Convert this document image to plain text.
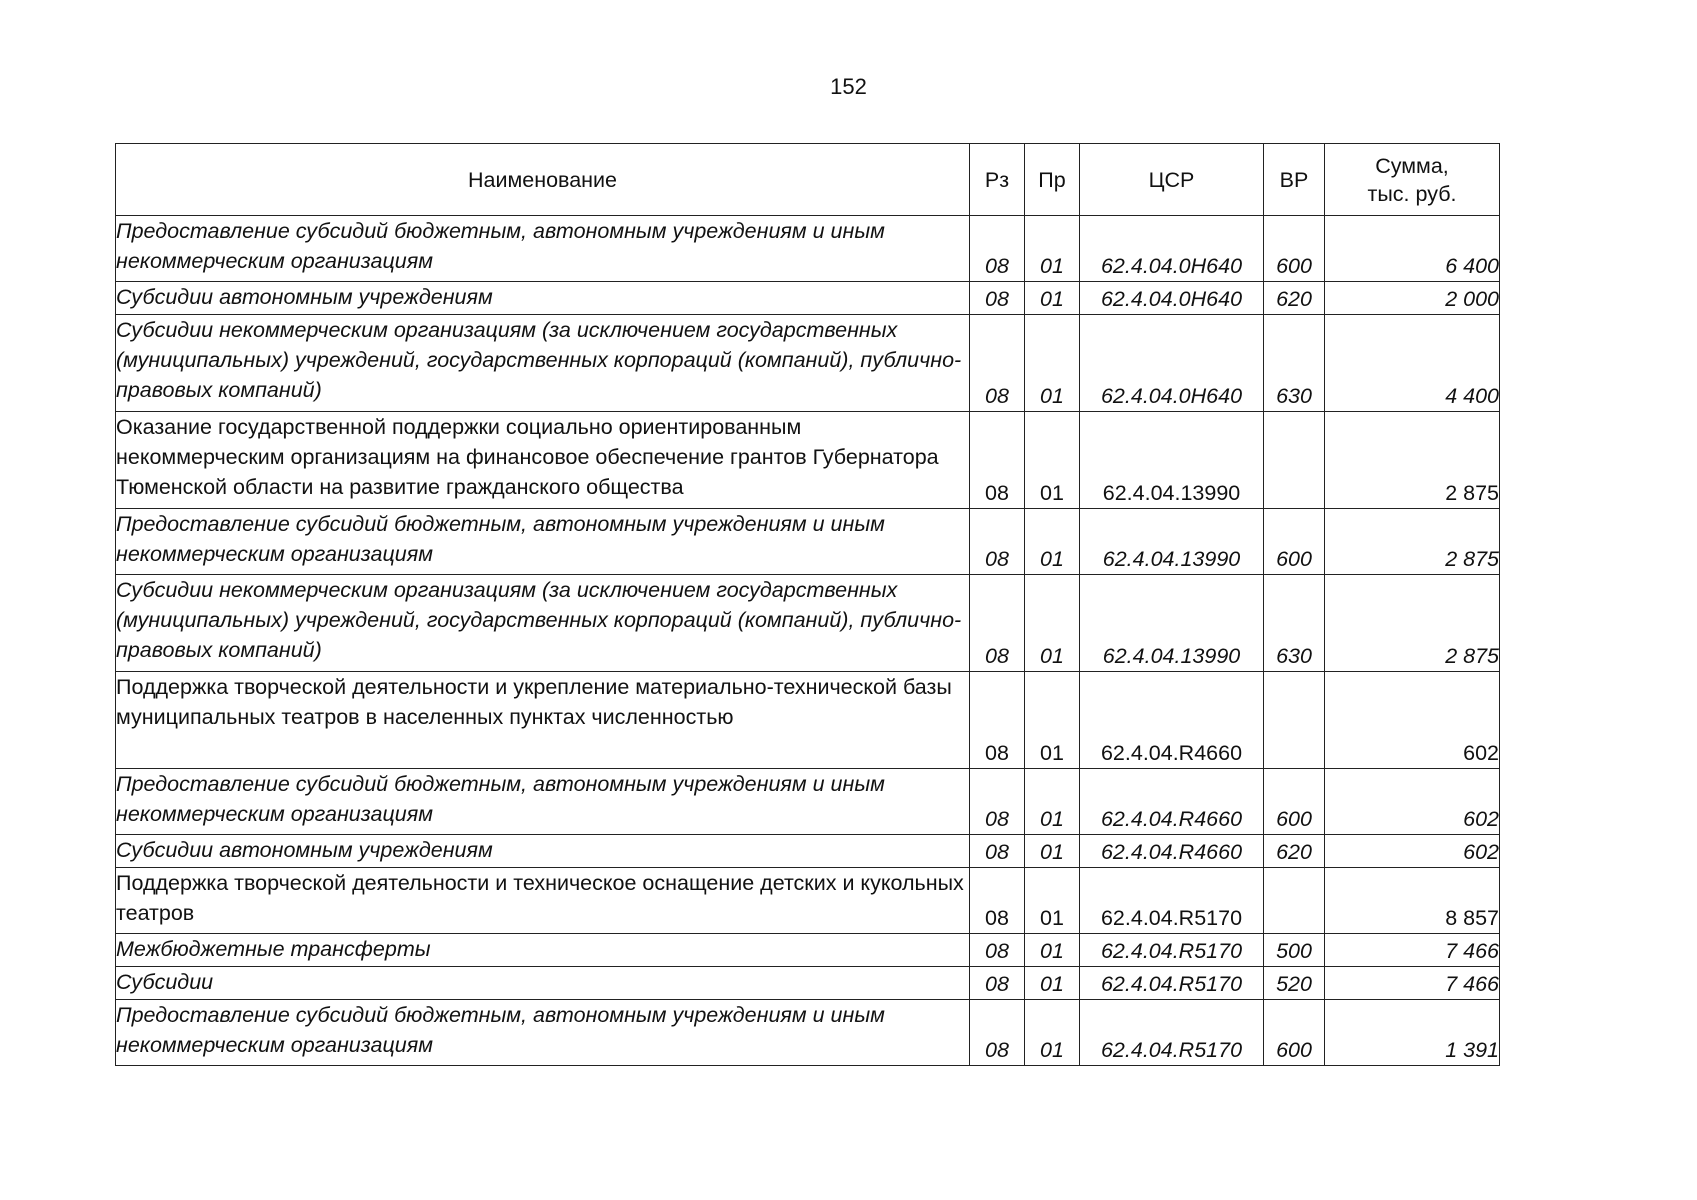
152
Наименование	Рз	Пр	ЦСР	ВР	Сумма,
тыс. руб.
Предоставление субсидий бюджетным, автономным учреждениям и иным некоммерческим организациям	08	01	62.4.04.0Н640	600	6 400
Субсидии автономным учреждениям	08	01	62.4.04.0Н640	620	2 000
Субсидии некоммерческим организациям (за исключением государственных (муниципальных) учреждений, государственных корпораций (компаний), публично-правовых компаний)	08	01	62.4.04.0Н640	630	4 400
Оказание государственной поддержки социально ориентированным некоммерческим организациям на финансовое обеспечение грантов Губернатора Тюменской области на развитие гражданского общества	08	01	62.4.04.13990		2 875
Предоставление субсидий бюджетным, автономным учреждениям и иным некоммерческим организациям	08	01	62.4.04.13990	600	2 875
Субсидии некоммерческим организациям (за исключением государственных (муниципальных) учреждений, государственных корпораций (компаний), публично-правовых компаний)	08	01	62.4.04.13990	630	2 875
Поддержка творческой деятельности и укрепление материально-технической базы муниципальных театров в населенных пунктах численностью	08	01	62.4.04.R4660		602
Предоставление субсидий бюджетным, автономным учреждениям и иным некоммерческим организациям	08	01	62.4.04.R4660	600	602
Субсидии автономным учреждениям	08	01	62.4.04.R4660	620	602
Поддержка творческой деятельности и техническое оснащение детских и кукольных театров	08	01	62.4.04.R5170		8 857
Межбюджетные трансферты	08	01	62.4.04.R5170	500	7 466
Субсидии	08	01	62.4.04.R5170	520	7 466
Предоставление субсидий бюджетным, автономным учреждениям и иным некоммерческим организациям	08	01	62.4.04.R5170	600	1 391
